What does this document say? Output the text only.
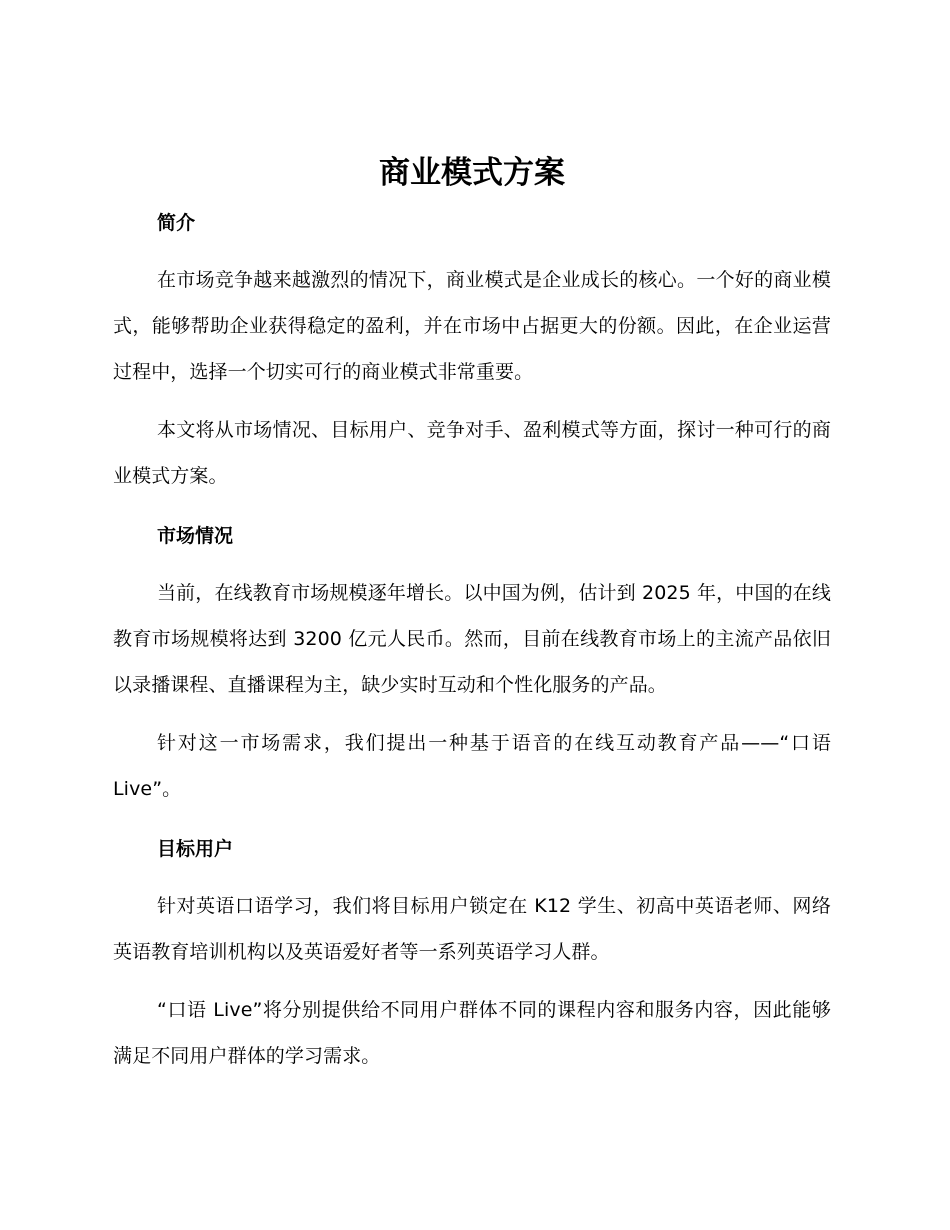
商业模式方案
简介

在市场竞争越来越激烈的情况下，商业模式是企业成长的核心。一个好的商业模式，能够帮助企业获得稳定的盈利，并在市场中占据更大的份额。因此，在企业运营过程中，选择一个切实可行的商业模式非常重要。

本文将从市场情况、目标用户、竞争对手、盈利模式等方面，探讨一种可行的商业模式方案。

市场情况

当前，在线教育市场规模逐年增长。以中国为例，估计到 2025 年，中国的在线教育市场规模将达到 3200 亿元人民币。然而，目前在线教育市场上的主流产品依旧以录播课程、直播课程为主，缺少实时互动和个性化服务的产品。

针对这一市场需求，我们提出一种基于语音的在线互动教育产品——“口语 Live”。

目标用户

针对英语口语学习，我们将目标用户锁定在 K12 学生、初高中英语老师、网络英语教育培训机构以及英语爱好者等一系列英语学习人群。

“口语 Live”将分别提供给不同用户群体不同的课程内容和服务内容，因此能够满足不同用户群体的学习需求。
